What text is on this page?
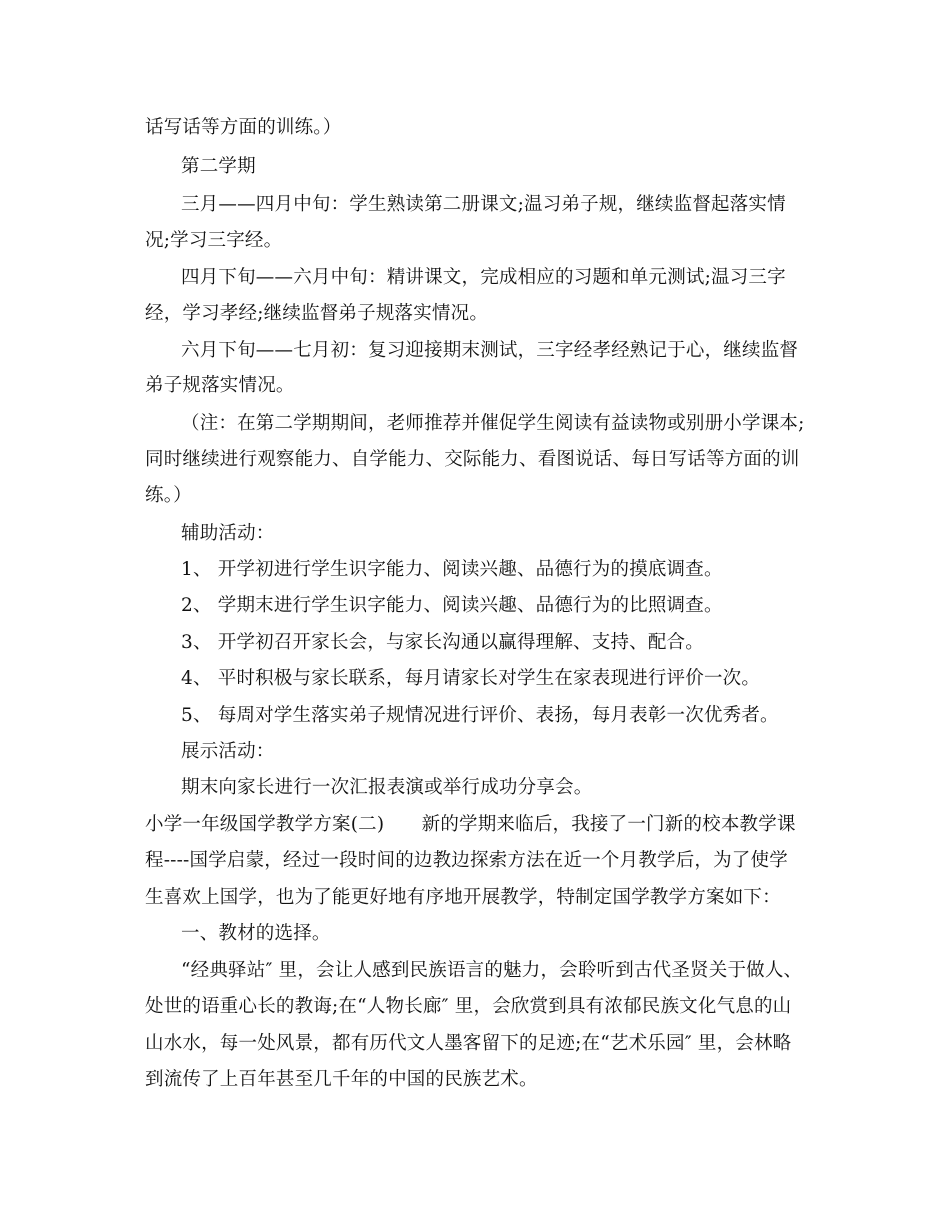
话写话等方面的训练。）
第二学期
三月——四月中旬：学生熟读第二册课文;温习弟子规，继续监督起落实情
况;学习三字经。
四月下旬——六月中旬：精讲课文，完成相应的习题和单元测试;温习三字
经，学习孝经;继续监督弟子规落实情况。
六月下旬——七月初：复习迎接期末测试，三字经孝经熟记于心，继续监督
弟子规落实情况。
（注：在第二学期期间，老师推荐并催促学生阅读有益读物或别册小学课本;
同时继续进行观察能力、自学能力、交际能力、看图说话、每日写话等方面的训
练。）
辅助活动：
1、 开学初进行学生识字能力、阅读兴趣、品德行为的摸底调查。
2、 学期末进行学生识字能力、阅读兴趣、品德行为的比照调查。
3、 开学初召开家长会，与家长沟通以赢得理解、支持、配合。
4、 平时积极与家长联系，每月请家长对学生在家表现进行评价一次。
5、 每周对学生落实弟子规情况进行评价、表扬，每月表彰一次优秀者。
展示活动：
期末向家长进行一次汇报表演或举行成功分享会。
小学一年级国学教学方案(二)　　新的学期来临后，我接了一门新的校本教学课
程----国学启蒙，经过一段时间的边教边探索方法在近一个月教学后，为了使学
生喜欢上国学，也为了能更好地有序地开展教学，特制定国学教学方案如下：
一、教材的选择。
“经典驿站″ 里，会让人感到民族语言的魅力，会聆听到古代圣贤关于做人、
处世的语重心长的教诲;在“人物长廊″ 里，会欣赏到具有浓郁民族文化气息的山
山水水，每一处风景，都有历代文人墨客留下的足迹;在“艺术乐园″ 里，会林略
到流传了上百年甚至几千年的中国的民族艺术。
